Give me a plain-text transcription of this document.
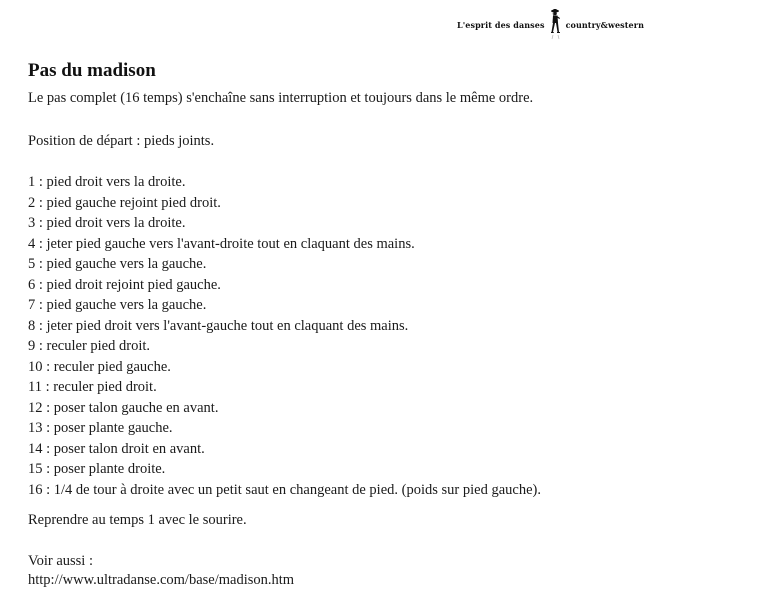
L'esprit des danses	country&western
Pas du madison

Le pas complet (16 temps) s'enchaîne sans interruption et toujours dans le même ordre.

Position de départ : pieds joints.

1 : pied droit vers la droite.
2 : pied gauche rejoint pied droit.
3 : pied droit vers la droite.
4 : jeter pied gauche vers l'avant-droite tout en claquant des mains.
5 : pied gauche vers la gauche.
6 : pied droit rejoint pied gauche.
7 : pied gauche vers la gauche.
8 : jeter pied droit vers l'avant-gauche tout en claquant des mains.
9 : reculer pied droit.
10 : reculer pied gauche.
11 : reculer pied droit.
12 : poser talon gauche en avant.
13 : poser plante gauche.
14 : poser talon droit en avant.
15 : poser plante droite.
16 : 1/4 de tour à droite avec un petit saut en changeant de pied. (poids sur pied gauche).

Reprendre au temps 1 avec le sourire.

Voir aussi :

http://www.ultradanse.com/base/madison.htm
